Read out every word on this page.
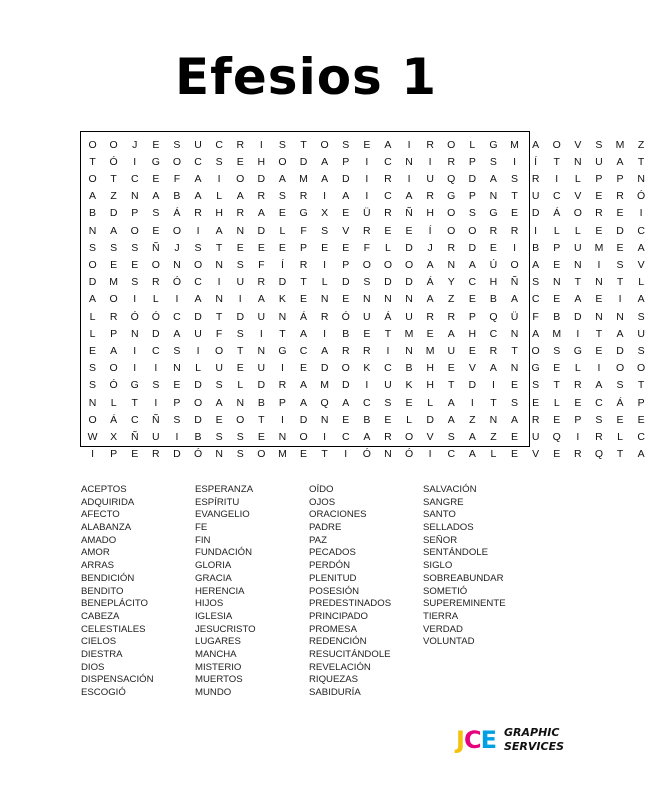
Efesios 1
O	O	J	E	S	U	C	R	I	S	T	O	S	E	A	I	R	O	L	G	M	A	O	V	S	M	Z
T	Ó	I	G	O	C	S	E	H	O	D	A	P	I	C	N	I	R	P	S	I	Í	T	N	U	A	T
O	T	C	E	F	A	I	O	D	A	M	A	D	I	R	I	U	Q	D	A	S	R	I	L	P	P	N
A	Z	N	A	B	A	L	A	R	S	R	I	A	I	C	A	R	G	P	N	T	U	C	V	E	R	Ó
B	D	P	S	Á	R	H	R	A	E	G	X	E	Ü	R	Ñ	H	O	S	G	E	D	Á	O	R	E	I
N	A	O	E	O	I	A	N	D	L	F	S	V	R	E	E	Í	O	O	R	R	I	L	L	E	D	C
S	S	S	Ñ	J	S	T	E	E	E	P	E	E	F	L	D	J	R	D	E	I	B	P	U	M	E	A
O	E	E	O	N	O	N	S	F	Í	R	I	P	O	O	O	A	N	A	Ú	O	A	E	N	I	S	V
D	M	S	R	Ó	C	I	U	R	D	T	L	D	S	D	D	Á	Y	C	H	Ñ	S	N	T	N	T	L
A	O	I	L	I	A	N	I	A	K	E	N	E	N	N	N	A	Z	E	B	A	C	E	A	E	I	A
L	R	Ó	Ó	C	D	T	D	U	N	Á	R	Ó	U	Á	U	R	R	P	Q	Ü	F	B	D	N	N	S
L	P	N	D	A	U	F	S	I	T	A	I	B	E	T	M	E	A	H	C	N	A	M	I	T	A	U
E	A	I	C	S	I	O	T	N	G	C	A	R	R	I	N	M	U	E	R	T	O	S	G	E	D	S
S	O	I	I	N	L	U	E	U	I	E	D	O	K	C	B	H	E	V	A	N	G	E	L	I	O	O
S	Ó	G	S	E	D	S	L	D	R	A	M	D	I	U	K	H	T	D	I	E	S	T	R	A	S	T
N	L	T	I	P	O	A	N	B	P	A	Q	A	C	S	E	L	A	I	T	S	E	L	E	C	Á	P
O	Á	C	Ñ	S	D	E	O	T	I	D	N	E	B	E	L	D	A	Z	N	A	R	E	P	S	E	E
W	X	Ñ	U	I	B	S	S	E	N	O	I	C	A	R	O	V	S	A	Z	E	U	Q	I	R	L	C
I	P	E	R	D	Ó	N	S	O	M	E	T	I	Ó	N	Ó	I	C	A	L	E	V	E	R	Q	T	A
ACEPTOS
ADQUIRIDA
AFECTO
ALABANZA
AMADO
AMOR
ARRAS
BENDICIÓN
BENDITO
BENEPLÁCITO
CABEZA
CELESTIALES
CIELOS
DIESTRA
DIOS
DISPENSACIÓN
ESCOGIÓ
ESPERANZA
ESPÍRITU
EVANGELIO
FE
FIN
FUNDACIÓN
GLORIA
GRACIA
HERENCIA
HIJOS
IGLESIA
JESUCRISTO
LUGARES
MANCHA
MISTERIO
MUERTOS
MUNDO
OÍDO
OJOS
ORACIONES
PADRE
PAZ
PECADOS
PERDÓN
PLENITUD
POSESIÓN
PREDESTINADOS
PRINCIPADO
PROMESA
REDENCIÓN
RESUCITÁNDOLE
REVELACIÓN
RIQUEZAS
SABIDURÍA
SALVACIÓN
SANGRE
SANTO
SELLADOS
SEÑOR
SENTÁNDOLE
SIGLO
SOBREABUNDAR
SOMETIÓ
SUPEREMINENTE
TIERRA
VERDAD
VOLUNTAD
JCE GRAPHIC
SERVICES
